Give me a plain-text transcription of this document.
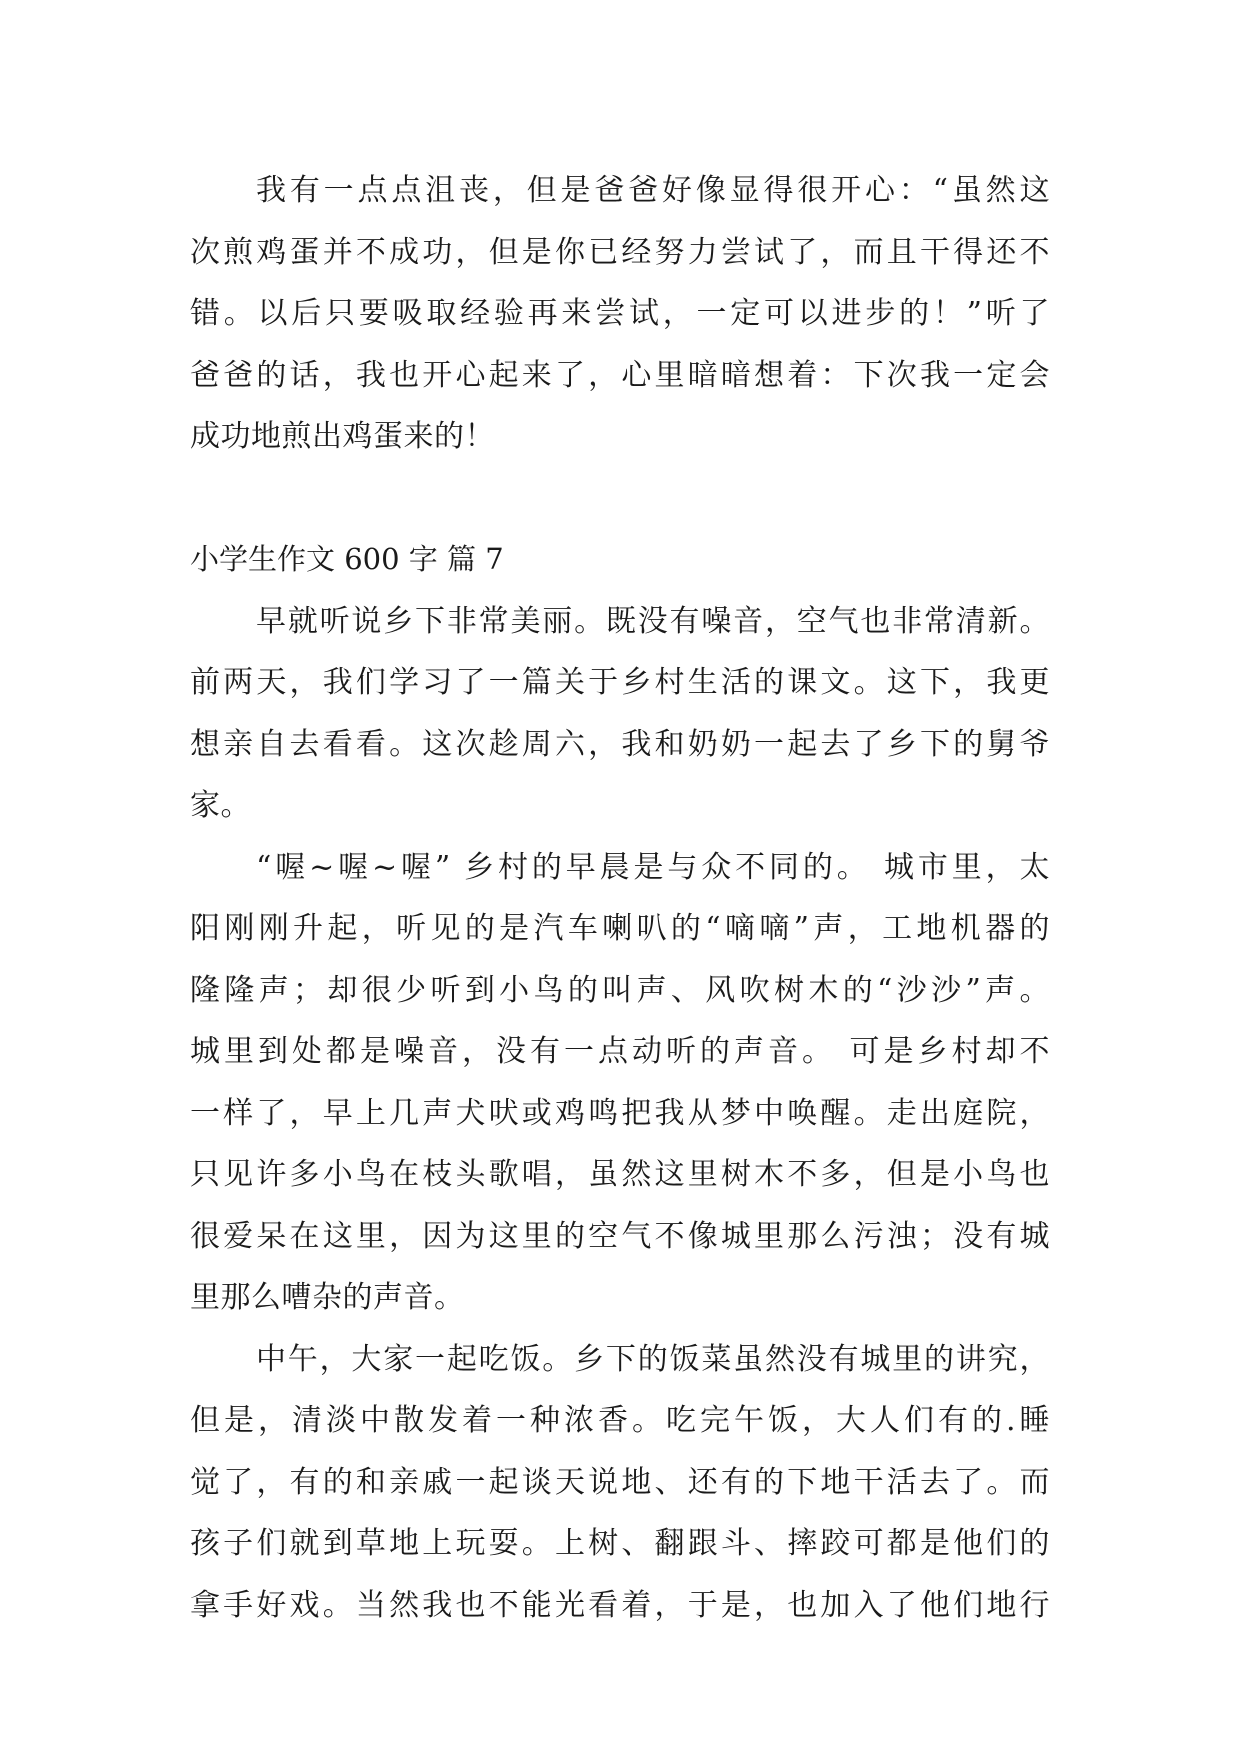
我有一点点沮丧，但是爸爸好像显得很开心：“虽然这
次煎鸡蛋并不成功，但是你已经努力尝试了，而且干得还不
错。以后只要吸取经验再来尝试，一定可以进步的！”听了
爸爸的话，我也开心起来了，心里暗暗想着：下次我一定会
成功地煎出鸡蛋来的！
小学生作文 600 字 篇 7
早就听说乡下非常美丽。既没有噪音，空气也非常清新。
前两天，我们学习了一篇关于乡村生活的课文。这下，我更
想亲自去看看。这次趁周六，我和奶奶一起去了乡下的舅爷
家。
“喔~喔~喔” 乡村的早晨是与众不同的。 城市里，太
阳刚刚升起，听见的是汽车喇叭的“嘀嘀”声，工地机器的
隆隆声；却很少听到小鸟的叫声、风吹树木的“沙沙”声。
城里到处都是噪音，没有一点动听的声音。 可是乡村却不
一样了，早上几声犬吠或鸡鸣把我从梦中唤醒。走出庭院，
只见许多小鸟在枝头歌唱，虽然这里树木不多，但是小鸟也
很爱呆在这里，因为这里的空气不像城里那么污浊；没有城
里那么嘈杂的声音。
中午，大家一起吃饭。乡下的饭菜虽然没有城里的讲究，
但是，清淡中散发着一种浓香。吃完午饭，大人们有的.睡
觉了，有的和亲戚一起谈天说地、还有的下地干活去了。而
孩子们就到草地上玩耍。上树、翻跟斗、摔跤可都是他们的
拿手好戏。当然我也不能光看着，于是，也加入了他们地行
